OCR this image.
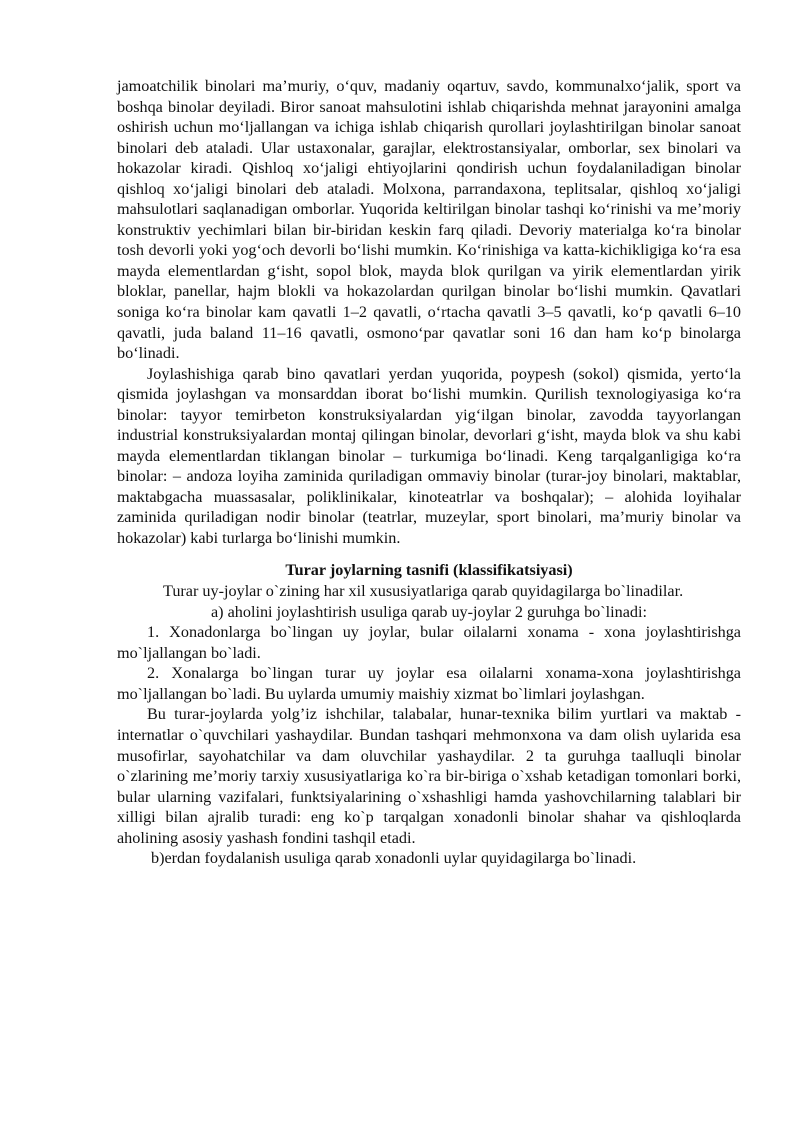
jamoatchilik binolari ma’muriy, o‘quv, madaniy oqartuv, savdo, kommunalxo‘jalik, sport va boshqa binolar deyiladi. Biror sanoat mahsulotini ishlab chiqarishda mehnat jarayonini amalga oshirish uchun mo‘ljallangan va ichiga ishlab chiqarish qurollari joylashtirilgan binolar sanoat binolari deb ataladi. Ular ustaxonalar, garajlar, elektrostansiyalar, omborlar, sex binolari va hokazolar kiradi. Qishloq xo‘jaligi ehtiyojlarini qondirish uchun foydalaniladigan binolar qishloq xo‘jaligi binolari deb ataladi. Molxona, parrandaxona, teplitsalar, qishloq xo‘jaligi mahsulotlari saqlanadigan omborlar. Yuqorida keltirilgan binolar tashqi ko‘rinishi va me’moriy konstruktiv yechimlari bilan bir-biridan keskin farq qiladi. Devoriy materialga ko‘ra binolar tosh devorli yoki yog‘och devorli bo‘lishi mumkin. Ko‘rinishiga va katta-kichikligiga ko‘ra esa mayda elementlardan g‘isht, sopol blok, mayda blok qurilgan va yirik elementlardan yirik bloklar, panellar, hajm blokli va hokazolardan qurilgan binolar bo‘lishi mumkin. Qavatlari soniga ko‘ra binolar kam qavatli 1–2 qavatli, o‘rtacha qavatli 3–5 qavatli, ko‘p qavatli 6–10 qavatli, juda baland 11–16 qavatli, osmono‘par qavatlar soni 16 dan ham ko‘p binolarga bo‘linadi.

Joylashishiga qarab bino qavatlari yerdan yuqorida, poypesh (sokol) qismida, yerto‘la qismida joylashgan va monsarddan iborat bo‘lishi mumkin. Qurilish texnologiyasiga ko‘ra binolar: tayyor temirbeton konstruksiyalardan yig‘ilgan binolar, zavodda tayyorlangan industrial konstruksiyalardan montaj qilingan binolar, devorlari g‘isht, mayda blok va shu kabi mayda elementlardan tiklangan binolar – turkumiga bo‘linadi. Keng tarqalganligiga ko‘ra binolar: – andoza loyiha zaminida quriladigan ommaviy binolar (turar-joy binolari, maktablar, maktabgacha muassasalar, poliklinikalar, kinoteatrlar va boshqalar); – alohida loyihalar zaminida quriladigan nodir binolar (teatrlar, muzeylar, sport binolari, ma’muriy binolar va hokazolar) kabi turlarga bo‘linishi mumkin.

Turar joylarning tasnifi (klassifikatsiyasi)

Turar uy-joylar o`zining har xil xususiyatlariga qarab quyidagilarga bo`linadilar.

a) aholini joylashtirish usuliga qarab uy-joylar 2 guruhga bo`linadi:

1. Xonadonlarga bo`lingan uy joylar, bular oilalarni xonama - xona joylashtirishga mo`ljallangan bo`ladi.

2. Xonalarga bo`lingan turar uy joylar esa oilalarni xonama-xona joylashtirishga mo`ljallangan bo`ladi. Bu uylarda umumiy maishiy xizmat bo`limlari joylashgan.

Bu turar-joylarda yolg’iz ishchilar, talabalar, hunar-texnika bilim yurtlari va maktab - internatlar o`quvchilari yashaydilar. Bundan tashqari mehmonxona va dam olish uylarida esa musofirlar, sayohatchilar va dam oluvchilar yashaydilar. 2 ta guruhga taalluqli binolar o`zlarining me’moriy tarxiy xususiyatlariga ko`ra bir-biriga o`xshab ketadigan tomonlari borki, bular ularning vazifalari, funktsiyalarining o`xshashligi hamda yashovchilarning talablari bir xilligi bilan ajralib turadi: eng ko`p tarqalgan xonadonli binolar shahar va qishloqlarda aholining asosiy yashash fondini tashqil etadi.

b)erdan foydalanish usuliga qarab xonadonli uylar quyidagilarga bo`linadi.
